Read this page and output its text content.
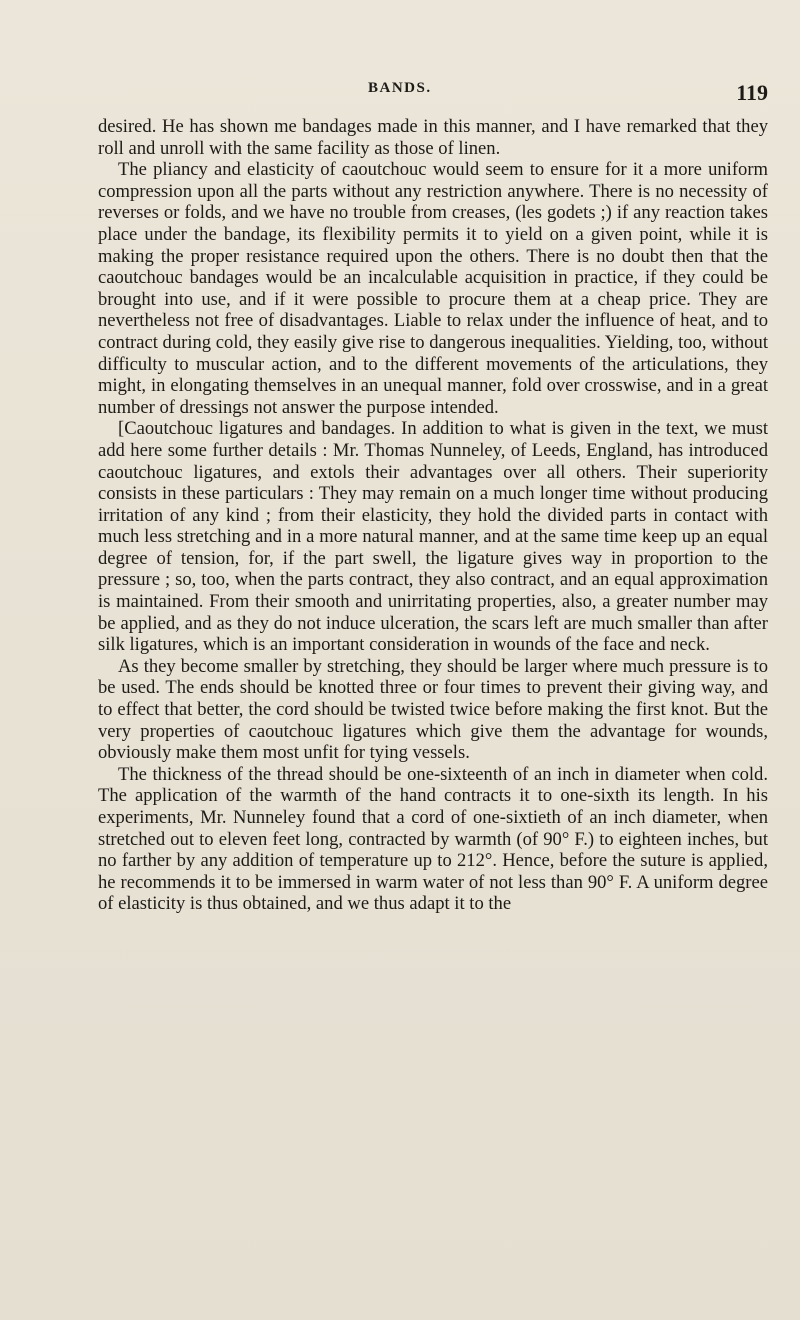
BANDS.	119

desired. He has shown me bandages made in this manner, and I have remarked that they roll and unroll with the same facility as those of linen.

The pliancy and elasticity of caoutchouc would seem to ensure for it a more uniform compression upon all the parts without any restriction anywhere. There is no necessity of reverses or folds, and we have no trouble from creases, (les godets ;) if any reaction takes place under the bandage, its flexibility permits it to yield on a given point, while it is making the proper resistance required upon the others. There is no doubt then that the caoutchouc bandages would be an incalculable acquisition in practice, if they could be brought into use, and if it were possible to procure them at a cheap price. They are nevertheless not free of disadvantages. Liable to relax under the influence of heat, and to contract during cold, they easily give rise to dangerous inequalities. Yielding, too, without difficulty to muscular action, and to the different movements of the articulations, they might, in elongating themselves in an unequal manner, fold over crosswise, and in a great number of dressings not answer the purpose intended.

[Caoutchouc ligatures and bandages. In addition to what is given in the text, we must add here some further details : Mr. Thomas Nunneley, of Leeds, England, has introduced caoutchouc ligatures, and extols their advantages over all others. Their superiority consists in these particulars : They may remain on a much longer time without producing irritation of any kind ; from their elasticity, they hold the divided parts in contact with much less stretching and in a more natural manner, and at the same time keep up an equal degree of tension, for, if the part swell, the ligature gives way in proportion to the pressure ; so, too, when the parts contract, they also contract, and an equal approximation is maintained. From their smooth and unirritating properties, also, a greater number may be applied, and as they do not induce ulceration, the scars left are much smaller than after silk ligatures, which is an important consideration in wounds of the face and neck.

As they become smaller by stretching, they should be larger where much pressure is to be used. The ends should be knotted three or four times to prevent their giving way, and to effect that better, the cord should be twisted twice before making the first knot. But the very properties of caoutchouc ligatures which give them the advantage for wounds, obviously make them most unfit for tying vessels.

The thickness of the thread should be one-sixteenth of an inch in diameter when cold. The application of the warmth of the hand contracts it to one-sixth its length. In his experiments, Mr. Nunneley found that a cord of one-sixtieth of an inch diameter, when stretched out to eleven feet long, contracted by warmth (of 90° F.) to eighteen inches, but no farther by any addition of temperature up to 212°. Hence, before the suture is applied, he recommends it to be immersed in warm water of not less than 90° F. A uniform degree of elasticity is thus obtained, and we thus adapt it to the
